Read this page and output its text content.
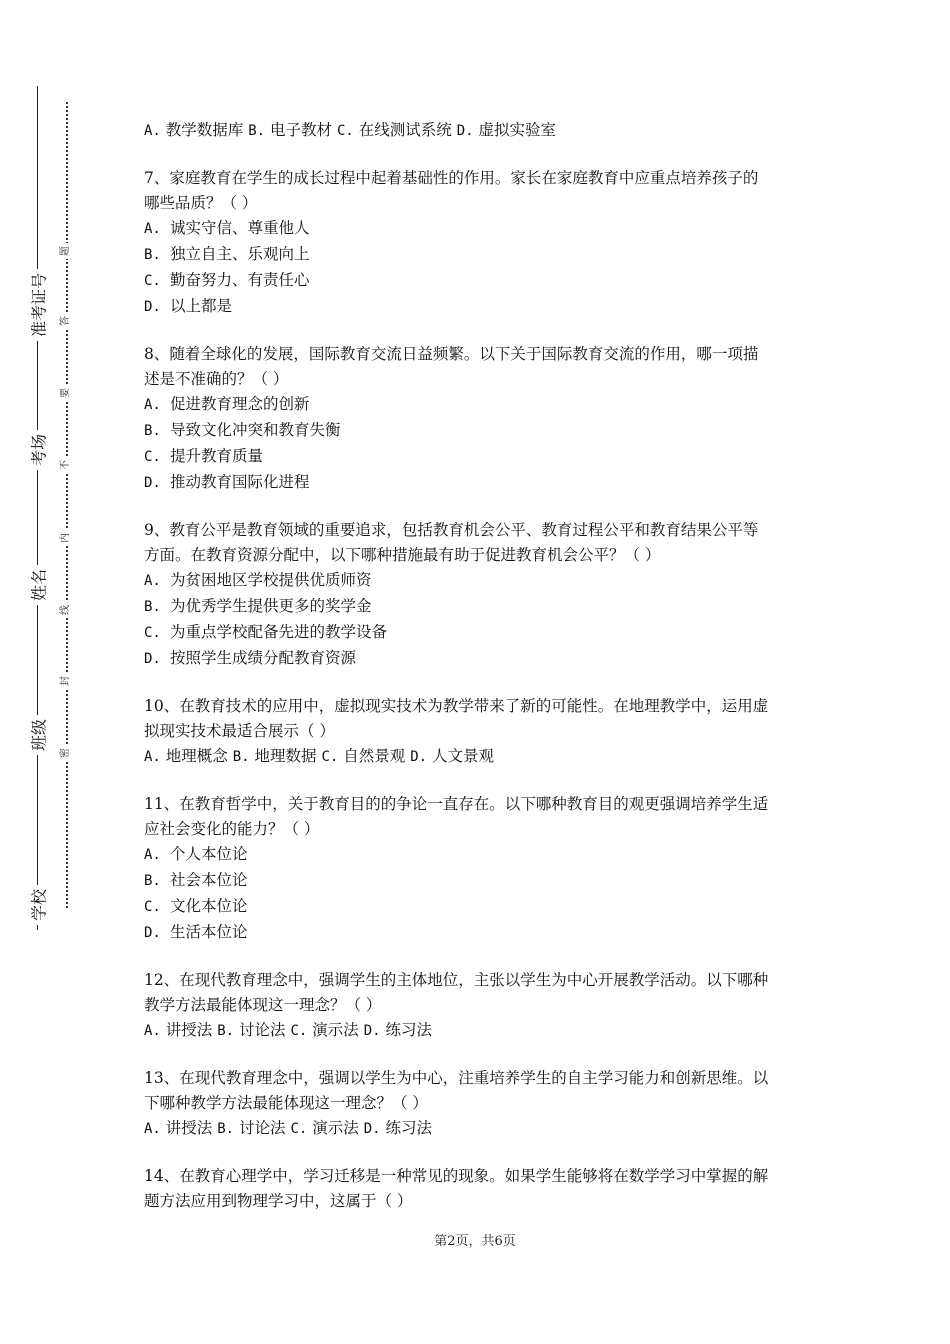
准考证号
考场
姓名
班级
学校
题
答
要
不
内
线
封
密
A. 教学数据库 B. 电子教材 C. 在线测试系统 D. 虚拟实验室
7、家庭教育在学生的成长过程中起着基础性的作用。家长在家庭教育中应重点培养孩子的
哪些品质？（ ）
A. 诚实守信、尊重他人
B. 独立自主、乐观向上
C. 勤奋努力、有责任心
D. 以上都是
8、随着全球化的发展，国际教育交流日益频繁。以下关于国际教育交流的作用，哪一项描
述是不准确的？（ ）
A. 促进教育理念的创新
B. 导致文化冲突和教育失衡
C. 提升教育质量
D. 推动教育国际化进程
9、教育公平是教育领域的重要追求，包括教育机会公平、教育过程公平和教育结果公平等
方面。在教育资源分配中，以下哪种措施最有助于促进教育机会公平？（ ）
A. 为贫困地区学校提供优质师资
B. 为优秀学生提供更多的奖学金
C. 为重点学校配备先进的教学设备
D. 按照学生成绩分配教育资源
10、在教育技术的应用中，虚拟现实技术为教学带来了新的可能性。在地理教学中，运用虚
拟现实技术最适合展示（ ）
A. 地理概念 B. 地理数据 C. 自然景观 D. 人文景观
11、在教育哲学中，关于教育目的的争论一直存在。以下哪种教育目的观更强调培养学生适
应社会变化的能力？（ ）
A. 个人本位论
B. 社会本位论
C. 文化本位论
D. 生活本位论
12、在现代教育理念中，强调学生的主体地位，主张以学生为中心开展教学活动。以下哪种
教学方法最能体现这一理念？（ ）
A. 讲授法 B. 讨论法 C. 演示法 D. 练习法
13、在现代教育理念中，强调以学生为中心，注重培养学生的自主学习能力和创新思维。以
下哪种教学方法最能体现这一理念？（ ）
A. 讲授法 B. 讨论法 C. 演示法 D. 练习法
14、在教育心理学中，学习迁移是一种常见的现象。如果学生能够将在数学学习中掌握的解
题方法应用到物理学习中，这属于（ ）
第2页，共6页
